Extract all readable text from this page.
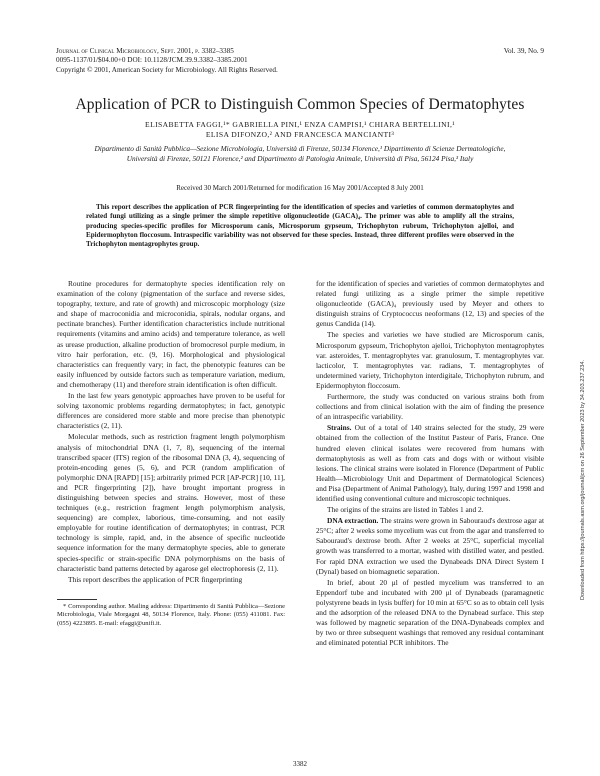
Journal of Clinical Microbiology, Sept. 2001, p. 3382–3385
0095-1137/01/$04.00+0 DOI: 10.1128/JCM.39.9.3382–3385.2001
Copyright © 2001, American Society for Microbiology. All Rights Reserved.
Vol. 39, No. 9
Application of PCR to Distinguish Common Species of Dermatophytes
ELISABETTA FAGGI,¹* GABRIELLA PINI,¹ ENZA CAMPISI,¹ CHIARA BERTELLINI,¹
ELISA DIFONZO,² AND FRANCESCA MANCIANTI³
Dipartimento di Sanità Pubblica—Sezione Microbiologia, Università di Firenze, 50134 Florence,¹ Dipartimento di Scienze Dermatologiche, Università di Firenze, 50121 Florence,² and Dipartimento di Patologia Animale, Università di Pisa, 56124 Pisa,³ Italy
Received 30 March 2001/Returned for modification 16 May 2001/Accepted 8 July 2001
This report describes the application of PCR fingerprinting for the identification of species and varieties of common dermatophytes and related fungi utilizing as a single primer the simple repetitive oligonucleotide (GACA)₄. The primer was able to amplify all the strains, producing species-specific profiles for Microsporum canis, Microsporum gypseum, Trichophyton rubrum, Trichophyton ajelloi, and Epidermophyton floccosum. Intraspecific variability was not observed for these species. Instead, three different profiles were observed in the Trichophyton mentagrophytes group.

Routine procedures for dermatophyte species identification rely on examination of the colony (pigmentation of the surface and reverse sides, topography, texture, and rate of growth) and microscopic morphology (size and shape of macroconidia and microconidia, spirals, nodular organs, and pectinate branches). Further identification characteristics include nutritional requirements (vitamins and amino acids) and temperature tolerance, as well as urease production, alkaline production of bromocresol purple medium, in vitro hair perforation, etc. (9, 16). Morphological and physiological characteristics can frequently vary; in fact, the phenotypic features can be easily influenced by outside factors such as temperature variation, medium, and chemotherapy (11) and therefore strain identification is often difficult.

In the last few years genotypic approaches have proven to be useful for solving taxonomic problems regarding dermatophytes; in fact, genotypic differences are considered more stable and more precise than phenotypic characteristics (2, 11).

Molecular methods, such as restriction fragment length polymorphism analysis of mitochondrial DNA (1, 7, 8), sequencing of the internal transcribed spacer (ITS) region of the ribosomal DNA (3, 4), sequencing of protein-encoding genes (5, 6), and PCR (random amplification of polymorphic DNA [RAPD] [15]; arbitrarily primed PCR [AP-PCR] [10, 11], and PCR fingerprinting [2]), have brought important progress in distinguishing between species and strains. However, most of these techniques (e.g., restriction fragment length polymorphism analysis, sequencing) are complex, laborious, time-consuming, and not easily employable for routine identification of dermatophytes; in contrast, PCR technology is simple, rapid, and, in the absence of specific nucleotide sequence information for the many dermatophyte species, able to generate species-specific or strain-specific DNA polymorphisms on the basis of characteristic band patterns detected by agarose gel electrophoresis (2, 11).

This report describes the application of PCR fingerprinting

* Corresponding author. Mailing address: Dipartimento di Sanità Pubblica—Sezione Microbiologia, Viale Morgagni 48, 50134 Florence, Italy. Phone: (055) 411081. Fax: (055) 4223895. E-mail: efaggi@unifi.it.

for the identification of species and varieties of common dermatophytes and related fungi utilizing as a single primer the simple repetitive oligonucleotide (GACA)₄ previously used by Meyer and others to distinguish strains of Cryptococcus neoformans (12, 13) and species of the genus Candida (14).

The species and varieties we have studied are Microsporum canis, Microsporum gypseum, Trichophyton ajelloi, Trichophyton mentagrophytes var. asteroides, T. mentagrophytes var. granulosum, T. mentagrophytes var. lacticolor, T. mentagrophytes var. radians, T. mentagrophytes of undetermined variety, Trichophyton interdigitale, Trichophyton rubrum, and Epidermophyton floccosum.

Furthermore, the study was conducted on various strains both from collections and from clinical isolation with the aim of finding the presence of an intraspecific variability.

Strains. Out of a total of 140 strains selected for the study, 29 were obtained from the collection of the Institut Pasteur of Paris, France. One hundred eleven clinical isolates were recovered from humans with dermatophytosis as well as from cats and dogs with or without visible lesions. The clinical strains were isolated in Florence (Department of Public Health—Microbiology Unit and Department of Dermatological Sciences) and Pisa (Department of Animal Pathology), Italy, during 1997 and 1998 and identified using conventional culture and microscopic techniques.

The origins of the strains are listed in Tables 1 and 2.

DNA extraction. The strains were grown in Sabouraud's dextrose agar at 25°C; after 2 weeks some mycelium was cut from the agar and transferred to Sabouraud's dextrose broth. After 2 weeks at 25°C, superficial mycelial growth was transferred to a mortar, washed with distilled water, and pestled. For rapid DNA extraction we used the Dynabeads DNA Direct System I (Dynal) based on biomagnetic separation.

In brief, about 20 μl of pestled mycelium was transferred to an Eppendorf tube and incubated with 200 μl of Dynabeads (paramagnetic polystyrene beads in lysis buffer) for 10 min at 65°C so as to obtain cell lysis and the adsorption of the released DNA to the Dynabead surface. This step was followed by magnetic separation of the DNA-Dynabeads complex and by two or three subsequent washings that removed any residual contaminant and eliminated potential PCR inhibitors. The

3382
Downloaded from https://journals.asm.org/journal/jcm on 26 September 2023 by 34.203.237.234.
